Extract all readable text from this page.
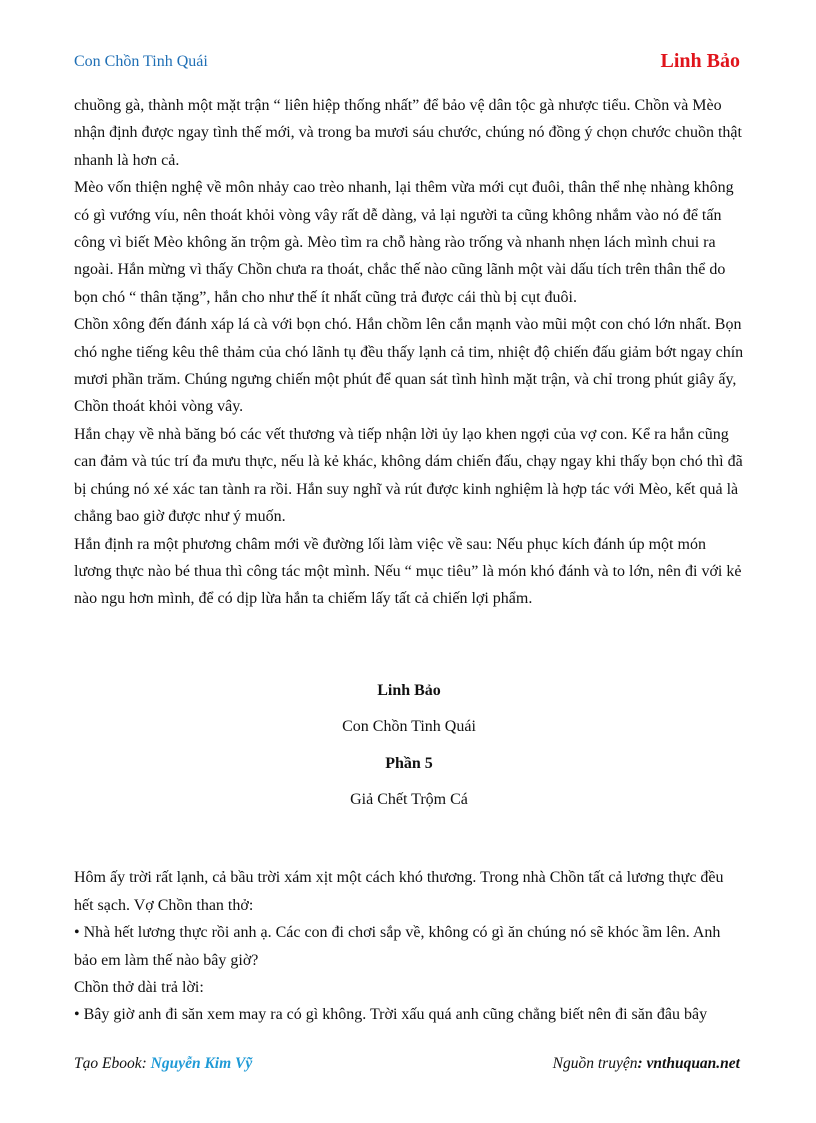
Con Chồn Tinh Quái	Linh Bảo

chuồng gà, thành một mặt trận “ liên hiệp thống nhất” để bảo vệ dân tộc gà nhược tiểu. Chồn và Mèo nhận định được ngay tình thế mới, và trong ba mươi sáu chước, chúng nó đồng ý chọn chước chuồn thật nhanh là hơn cả.

Mèo vốn thiện nghệ về môn nhảy cao trèo nhanh, lại thêm vừa mới cụt đuôi, thân thể nhẹ nhàng không có gì vướng víu, nên thoát khỏi vòng vây rất dễ dàng, vả lại người ta cũng không nhắm vào nó để tấn công vì biết Mèo không ăn trộm gà. Mèo tìm ra chỗ hàng rào trống và nhanh nhẹn lách mình chui ra ngoài. Hắn mừng vì thấy Chồn chưa ra thoát, chắc thế nào cũng lãnh một vài dấu tích trên thân thể do bọn chó “ thân tặng”, hắn cho như thế ít nhất cũng trả được cái thù bị cụt đuôi.

Chồn xông đến đánh xáp lá cà với bọn chó. Hắn chồm lên cắn mạnh vào mũi một con chó lớn nhất. Bọn chó nghe tiếng kêu thê thảm của chó lãnh tụ đều thấy lạnh cả tim, nhiệt độ chiến đấu giảm bớt ngay chín mươi phần trăm. Chúng ngưng chiến một phút để quan sát tình hình mặt trận, và chỉ trong phút giây ấy, Chồn thoát khỏi vòng vây.

Hắn chạy về nhà băng bó các vết thương và tiếp nhận lời ủy lạo khen ngợi của vợ con. Kể ra hắn cũng can đảm và túc trí đa mưu thực, nếu là kẻ khác, không dám chiến đấu, chạy ngay khi thấy bọn chó thì đã bị chúng nó xé xác tan tành ra rồi. Hắn suy nghĩ và rút được kinh nghiệm là hợp tác với Mèo, kết quả là chẳng bao giờ được như ý muốn.

Hắn định ra một phương châm mới về đường lối làm việc về sau: Nếu phục kích đánh úp một món lương thực nào bé thua thì công tác một mình. Nếu “ mục tiêu” là món khó đánh và to lớn, nên đi với kẻ nào ngu hơn mình, để có dịp lừa hắn ta chiếm lấy tất cả chiến lợi phẩm.

Linh Bảo

Con Chồn Tinh Quái

Phần 5

Giả Chết Trộm Cá

Hôm ấy trời rất lạnh, cả bầu trời xám xịt một cách khó thương. Trong nhà Chồn tất cả lương thực đều hết sạch. Vợ Chồn than thở:

• Nhà hết lương thực rồi anh ạ. Các con đi chơi sắp về, không có gì ăn chúng nó sẽ khóc ầm lên. Anh bảo em làm thế nào bây giờ?

Chồn thở dài trả lời:

• Bây giờ anh đi săn xem may ra có gì không. Trời xấu quá anh cũng chẳng biết nên đi săn đâu bây

Tạo Ebook: Nguyễn Kim Vỹ	Nguồn truyện: vnthuquan.net
